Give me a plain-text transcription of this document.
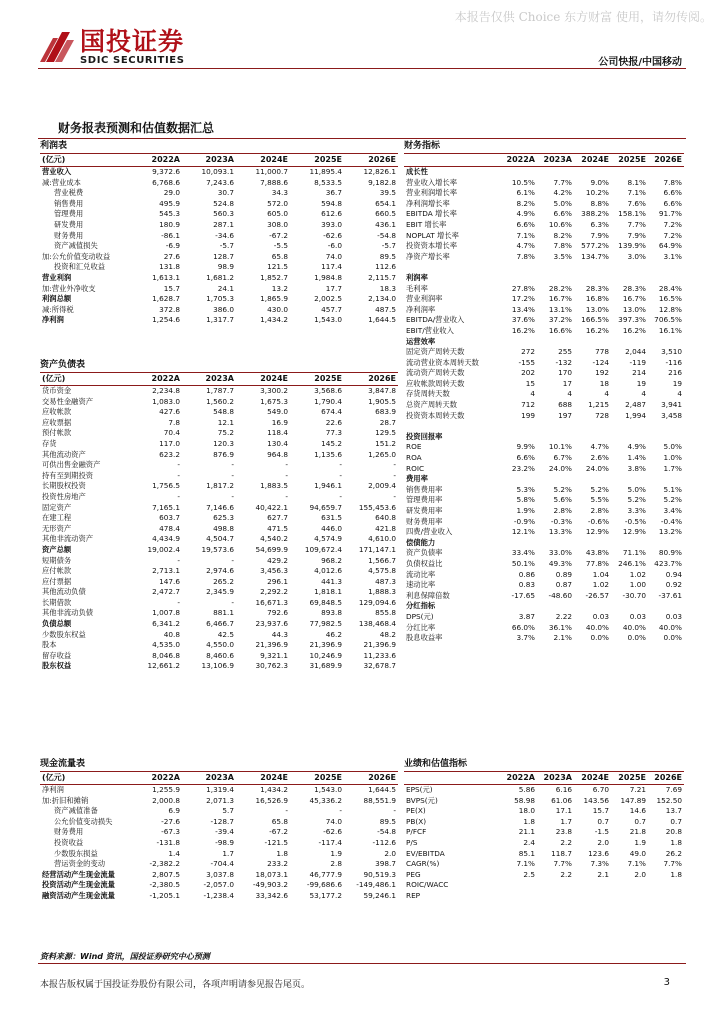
本报告仅供 Choice 东方财富 使用，请勿传阅。
国投证券
SDIC SECURITIES	公司快报/中国移动
财务报表预测和估值数据汇总
利润表
(亿元)	2022A	2023A	2024E	2025E	2026E
营业收入	9,372.6	10,093.1	11,000.7	11,895.4	12,826.1
减:营业成本	6,768.6	7,243.6	7,888.6	8,533.5	9,182.8
营业税费	29.0	30.7	34.3	36.7	39.5
销售费用	495.9	524.8	572.0	594.8	654.1
管理费用	545.3	560.3	605.0	612.6	660.5
研发费用	180.9	287.1	308.0	393.0	436.1
财务费用	-86.1	-34.6	-67.2	-62.6	-54.8
资产减值损失	-6.9	-5.7	-5.5	-6.0	-5.7
加:公允价值变动收益	27.6	128.7	65.8	74.0	89.5
投资和汇兑收益	131.8	98.9	121.5	117.4	112.6
营业利润	1,613.1	1,681.2	1,852.7	1,984.8	2,115.7
加:营业外净收支	15.7	24.1	13.2	17.7	18.3
利润总额	1,628.7	1,705.3	1,865.9	2,002.5	2,134.0
减:所得税	372.8	386.0	430.0	457.7	487.5
净利润	1,254.6	1,317.7	1,434.2	1,543.0	1,644.5
资产负债表
(亿元)	2022A	2023A	2024E	2025E	2026E
货币资金	2,234.8	1,787.7	3,300.2	3,568.6	3,847.8
交易性金融资产	1,083.0	1,560.2	1,675.3	1,790.4	1,905.5
应收帐款	427.6	548.8	549.0	674.4	683.9
应收票据	7.8	12.1	16.9	22.6	28.7
预付帐款	70.4	75.2	118.4	77.3	129.5
存货	117.0	120.3	130.4	145.2	151.2
其他流动资产	623.2	876.9	964.8	1,135.6	1,265.0
可供出售金融资产	-	-	-	-	-
持有至到期投资	-	-	-	-	-
长期股权投资	1,756.5	1,817.2	1,883.5	1,946.1	2,009.4
投资性房地产	-	-	-	-	-
固定资产	7,165.1	7,146.6	40,422.1	94,659.7	155,453.6
在建工程	603.7	625.3	627.7	631.5	640.8
无形资产	478.4	498.8	471.5	446.0	421.8
其他非流动资产	4,434.9	4,504.7	4,540.2	4,574.9	4,610.0
资产总额	19,002.4	19,573.6	54,699.9	109,672.4	171,147.1
短期债务	-	-	429.2	968.2	1,566.7
应付帐款	2,713.1	2,974.6	3,456.3	4,012.6	4,575.8
应付票据	147.6	265.2	296.1	441.3	487.3
其他流动负债	2,472.7	2,345.9	2,292.2	1,818.1	1,888.3
长期借款	-	-	16,671.3	69,848.5	129,094.6
其他非流动负债	1,007.8	881.1	792.6	893.8	855.8
负债总额	6,341.2	6,466.7	23,937.6	77,982.5	138,468.4
少数股东权益	40.8	42.5	44.3	46.2	48.2
股本	4,535.0	4,550.0	21,396.9	21,396.9	21,396.9
留存收益	8,046.8	8,460.6	9,321.1	10,246.9	11,233.6
股东权益	12,661.2	13,106.9	30,762.3	31,689.9	32,678.7
现金流量表
(亿元)	2022A	2023A	2024E	2025E	2026E
净利润	1,255.9	1,319.4	1,434.2	1,543.0	1,644.5
加:折旧和摊销	2,000.8	2,071.3	16,526.9	45,336.2	88,551.9
资产减值准备	6.9	5.7	-	-	-
公允价值变动损失	-27.6	-128.7	65.8	74.0	89.5
财务费用	-67.3	-39.4	-67.2	-62.6	-54.8
投资收益	-131.8	-98.9	-121.5	-117.4	-112.6
少数股东损益	1.4	1.7	1.8	1.9	2.0
营运资金的变动	-2,382.2	-704.4	233.2	2.8	398.7
经营活动产生现金流量	2,807.5	3,037.8	18,073.1	46,777.9	90,519.3
投资活动产生现金流量	-2,380.5	-2,057.0	-49,903.2	-99,686.6	-149,486.1
融资活动产生现金流量	-1,205.1	-1,238.4	33,342.6	53,177.2	59,246.1
财务指标
	2022A	2023A	2024E	2025E	2026E
成长性					
营业收入增长率	10.5%	7.7%	9.0%	8.1%	7.8%
营业利润增长率	6.1%	4.2%	10.2%	7.1%	6.6%
净利润增长率	8.2%	5.0%	8.8%	7.6%	6.6%
EBITDA 增长率	4.9%	6.6%	388.2%	158.1%	91.7%
EBIT 增长率	6.6%	10.6%	6.3%	7.7%	7.2%
NOPLAT 增长率	7.1%	8.2%	7.9%	7.9%	7.2%
投资资本增长率	4.7%	7.8%	577.2%	139.9%	64.9%
净资产增长率	7.8%	3.5%	134.7%	3.0%	3.1%

利润率					
毛利率	27.8%	28.2%	28.3%	28.3%	28.4%
营业利润率	17.2%	16.7%	16.8%	16.7%	16.5%
净利润率	13.4%	13.1%	13.0%	13.0%	12.8%
EBITDA/营业收入	37.6%	37.2%	166.5%	397.3%	706.5%
EBIT/营业收入	16.2%	16.6%	16.2%	16.2%	16.1%
运营效率					
固定资产周转天数	272	255	778	2,044	3,510
流动营业资本周转天数	-155	-132	-124	-119	-116
流动资产周转天数	202	170	192	214	216
应收帐款周转天数	15	17	18	19	19
存货周转天数	4	4	4	4	4
总资产周转天数	712	688	1,215	2,487	3,941
投资资本周转天数	199	197	728	1,994	3,458

投资回报率					
ROE	9.9%	10.1%	4.7%	4.9%	5.0%
ROA	6.6%	6.7%	2.6%	1.4%	1.0%
ROIC	23.2%	24.0%	24.0%	3.8%	1.7%
费用率					
销售费用率	5.3%	5.2%	5.2%	5.0%	5.1%
管理费用率	5.8%	5.6%	5.5%	5.2%	5.2%
研发费用率	1.9%	2.8%	2.8%	3.3%	3.4%
财务费用率	-0.9%	-0.3%	-0.6%	-0.5%	-0.4%
四费/营业收入	12.1%	13.3%	12.9%	12.9%	13.2%
偿债能力					
资产负债率	33.4%	33.0%	43.8%	71.1%	80.9%
负债权益比	50.1%	49.3%	77.8%	246.1%	423.7%
流动比率	0.86	0.89	1.04	1.02	0.94
速动比率	0.83	0.87	1.02	1.00	0.92
利息保障倍数	-17.65	-48.60	-26.57	-30.70	-37.61
分红指标					
DPS(元)	3.87	2.22	0.03	0.03	0.03
分红比率	66.0%	36.1%	40.0%	40.0%	40.0%
股息收益率	3.7%	2.1%	0.0%	0.0%	0.0%
业绩和估值指标
	2022A	2023A	2024E	2025E	2026E
EPS(元)	5.86	6.16	6.70	7.21	7.69
BVPS(元)	58.98	61.06	143.56	147.89	152.50
PE(X)	18.0	17.1	15.7	14.6	13.7
PB(X)	1.8	1.7	0.7	0.7	0.7
P/FCF	21.1	23.8	-1.5	21.8	20.8
P/S	2.4	2.2	2.0	1.9	1.8
EV/EBITDA	85.1	118.7	123.6	49.0	26.2
CAGR(%)	7.1%	7.7%	7.3%	7.1%	7.7%
PEG	2.5	2.2	2.1	2.0	1.8
ROIC/WACC					
REP					
资料来源：Wind 资讯，国投证券研究中心预测
本报告版权属于国投证券股份有限公司，各项声明请参见报告尾页。	3
